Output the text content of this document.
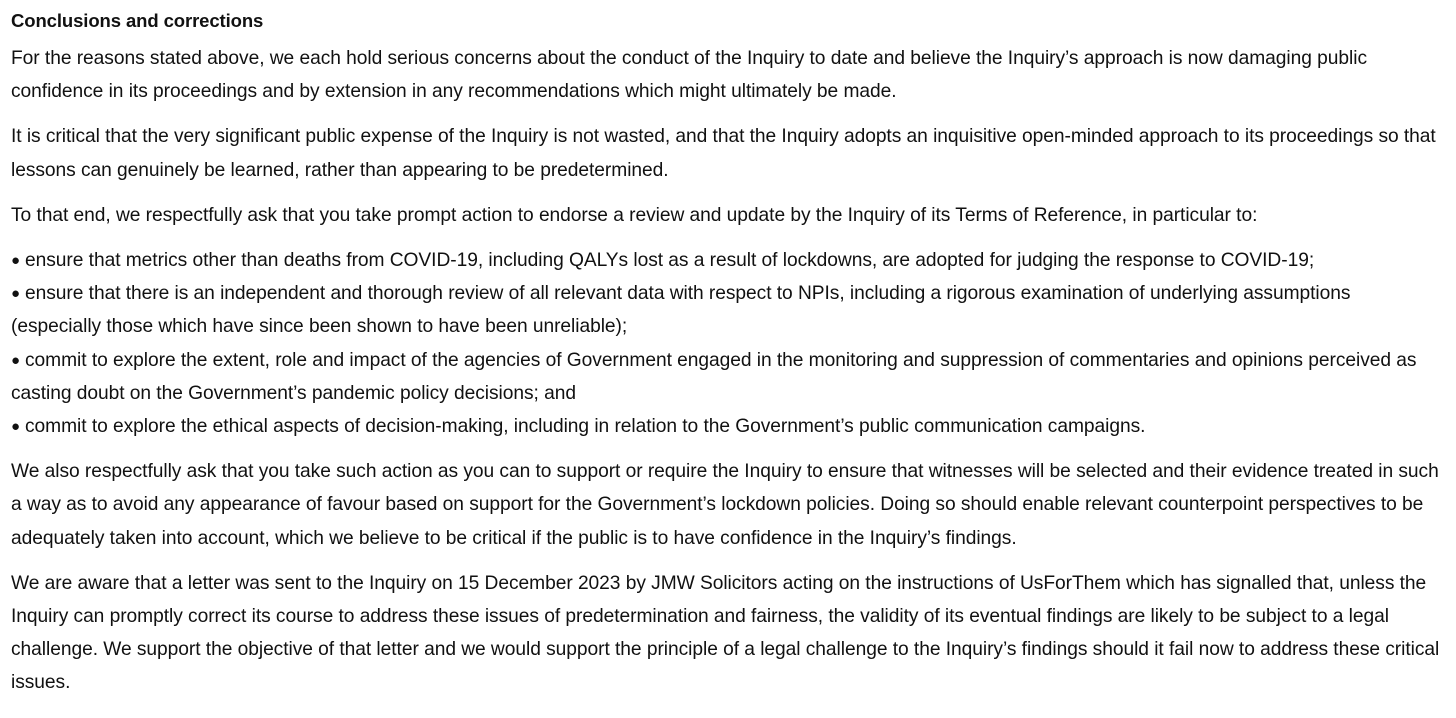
Conclusions and corrections

For the reasons stated above, we each hold serious concerns about the conduct of the Inquiry to date and believe the Inquiry’s approach is now damaging public confidence in its proceedings and by extension in any recommendations which might ultimately be made.

It is critical that the very significant public expense of the Inquiry is not wasted, and that the Inquiry adopts an inquisitive open-minded approach to its proceedings so that lessons can genuinely be learned, rather than appearing to be predetermined.

To that end, we respectfully ask that you take prompt action to endorse a review and update by the Inquiry of its Terms of Reference, in particular to:

● ensure that metrics other than deaths from COVID-19, including QALYs lost as a result of lockdowns, are adopted for judging the response to COVID-19;
● ensure that there is an independent and thorough review of all relevant data with respect to NPIs, including a rigorous examination of underlying assumptions (especially those which have since been shown to have been unreliable);
● commit to explore the extent, role and impact of the agencies of Government engaged in the monitoring and suppression of commentaries and opinions perceived as casting doubt on the Government’s pandemic policy decisions; and
● commit to explore the ethical aspects of decision-making, including in relation to the Government’s public communication campaigns.

We also respectfully ask that you take such action as you can to support or require the Inquiry to ensure that witnesses will be selected and their evidence treated in such a way as to avoid any appearance of favour based on support for the Government’s lockdown policies. Doing so should enable relevant counterpoint perspectives to be adequately taken into account, which we believe to be critical if the public is to have confidence in the Inquiry’s findings.

We are aware that a letter was sent to the Inquiry on 15 December 2023 by JMW Solicitors acting on the instructions of UsForThem which has signalled that, unless the Inquiry can promptly correct its course to address these issues of predetermination and fairness, the validity of its eventual findings are likely to be subject to a legal challenge. We support the objective of that letter and we would support the principle of a legal challenge to the Inquiry’s findings should it fail now to address these critical issues.
